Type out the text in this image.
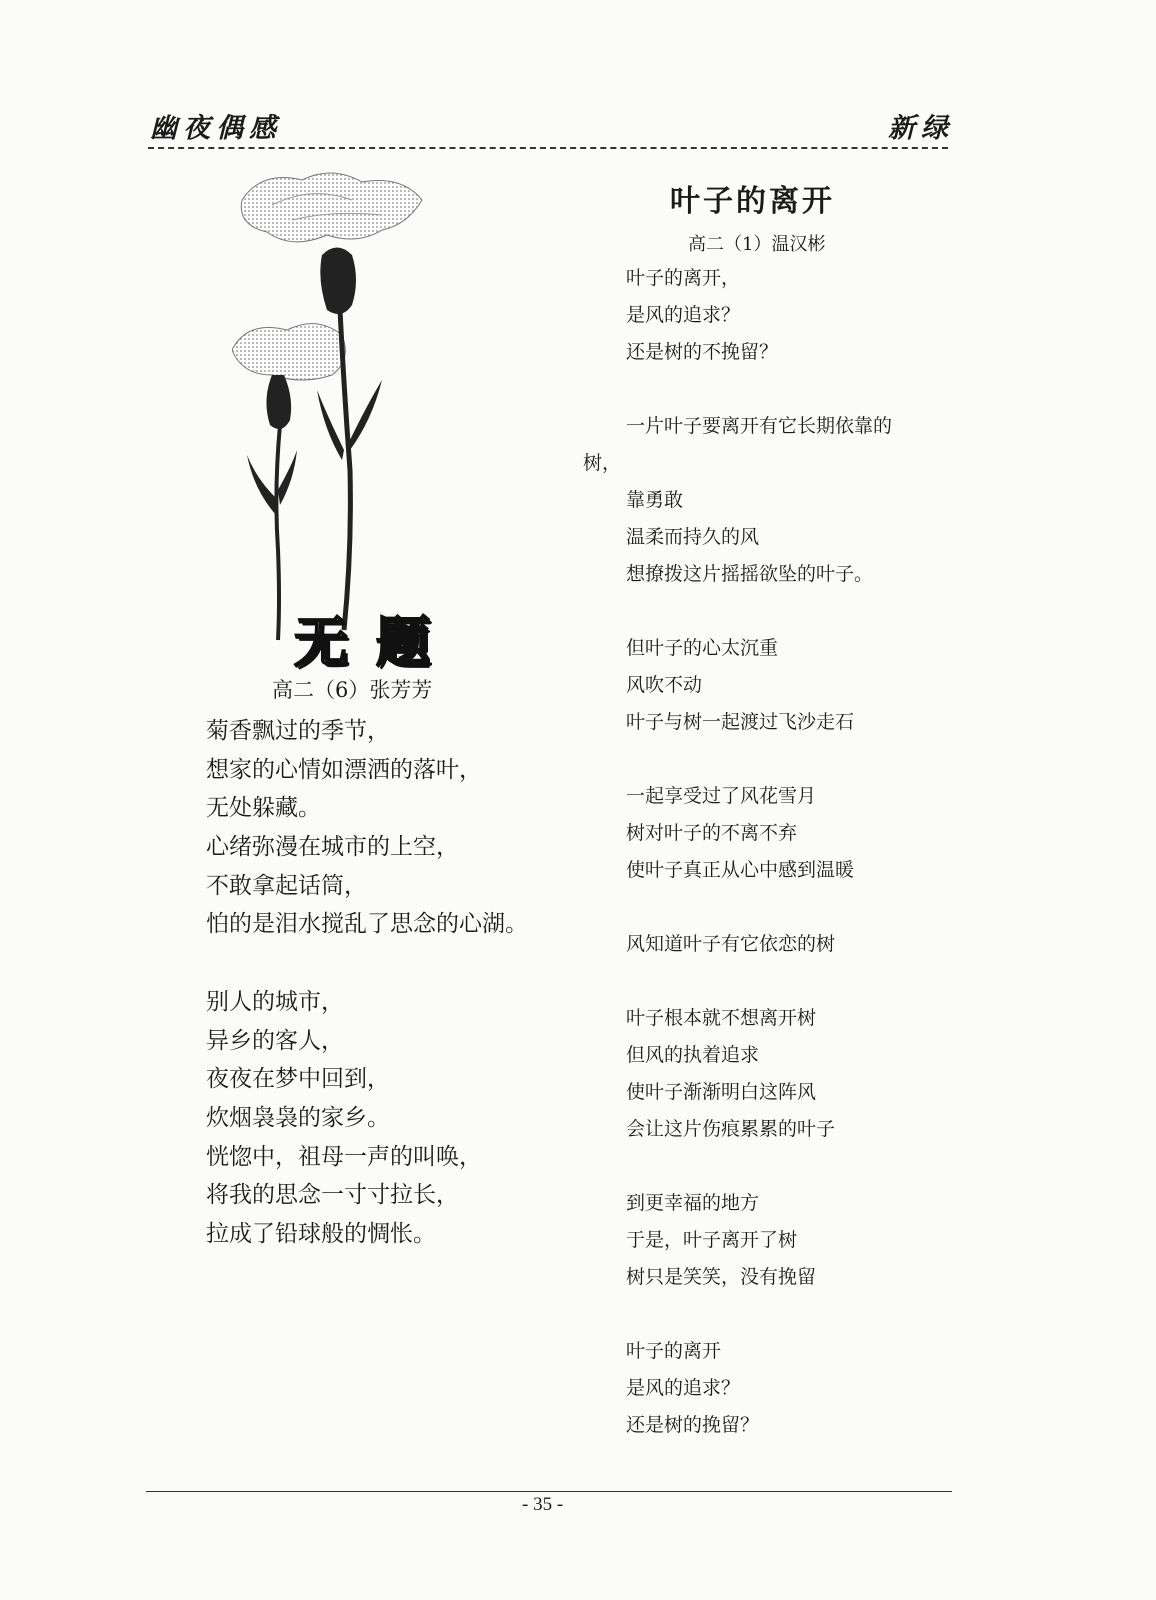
幽夜偶感	新绿
无题
高二（6）张芳芳
菊香飘过的季节，
想家的心情如漂洒的落叶，
无处躲藏。
心绪弥漫在城市的上空，
不敢拿起话筒，
怕的是泪水搅乱了思念的心湖。
别人的城市，
异乡的客人，
夜夜在梦中回到，
炊烟袅袅的家乡。
恍惚中，祖母一声的叫唤，
将我的思念一寸寸拉长，
拉成了铅球般的惆怅。
叶子的离开
高二（1）温汉彬
叶子的离开，
是风的追求？
还是树的不挽留？
一片叶子要离开有它长期依靠的
树，
靠勇敢
温柔而持久的风
想撩拨这片摇摇欲坠的叶子。
但叶子的心太沉重
风吹不动
叶子与树一起渡过飞沙走石
一起享受过了风花雪月
树对叶子的不离不弃
使叶子真正从心中感到温暖
风知道叶子有它依恋的树
叶子根本就不想离开树
但风的执着追求
使叶子渐渐明白这阵风
会让这片伤痕累累的叶子
到更幸福的地方
于是，叶子离开了树
树只是笑笑，没有挽留
叶子的离开
是风的追求？
还是树的挽留？
- 35 -
